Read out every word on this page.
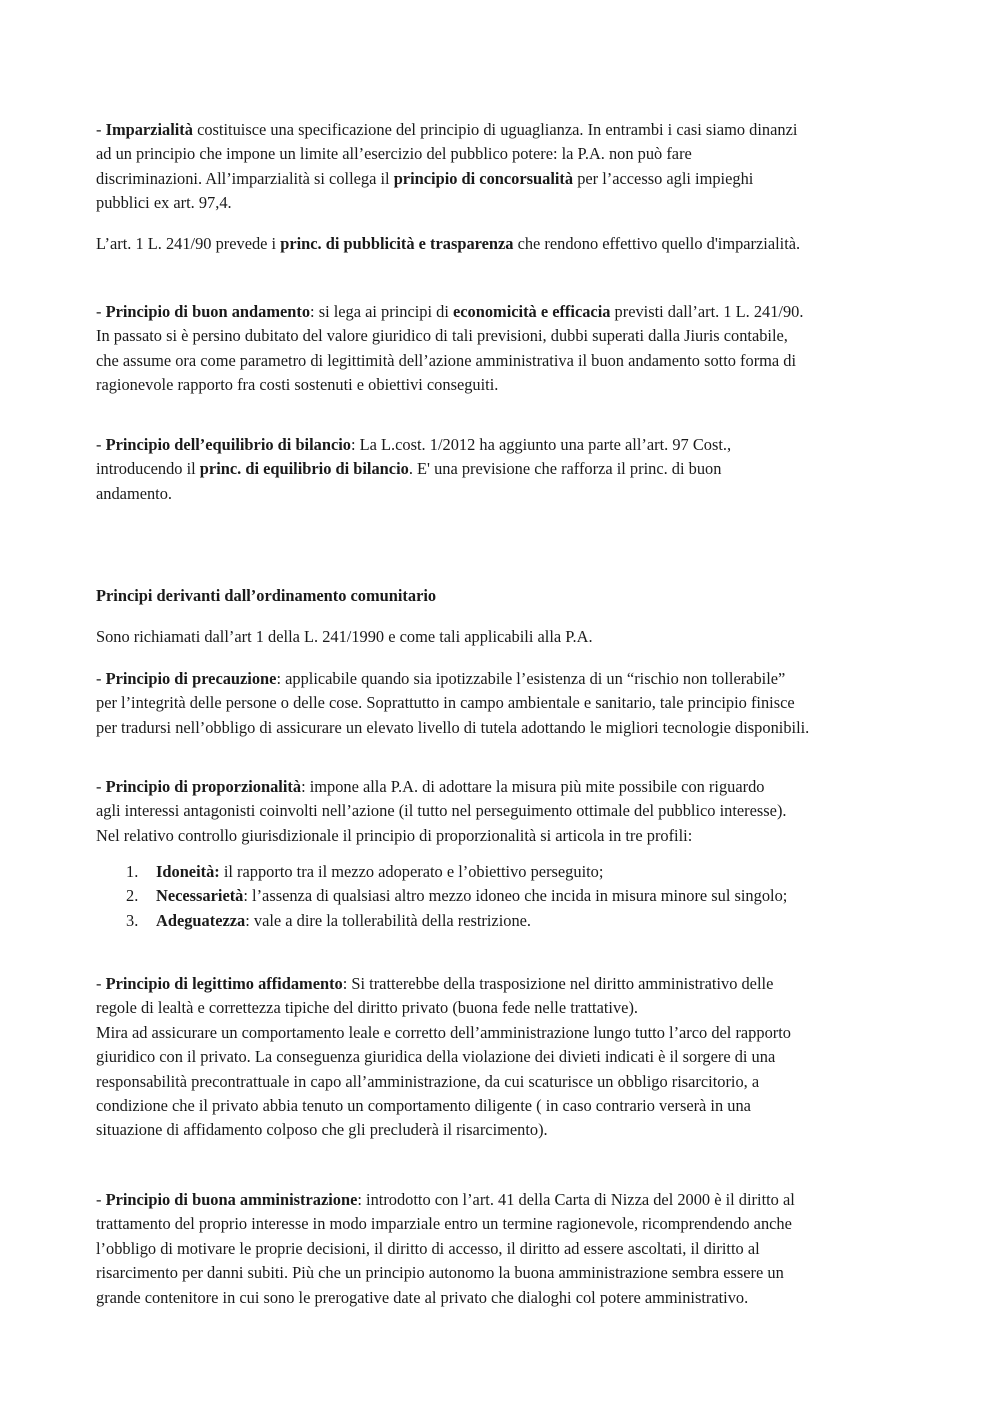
- Imparzialità costituisce una specificazione del principio di uguaglianza. In entrambi i casi siamo dinanzi

ad un principio che impone un limite all’esercizio del pubblico potere: la P.A. non può fare

discriminazioni. All’imparzialità si collega il principio di concorsualità per l’accesso agli impieghi

pubblici ex art. 97,4.

L’art. 1 L. 241/90 prevede i princ. di pubblicità e trasparenza che rendono effettivo quello d'imparzialità.

- Principio di buon andamento: si lega ai principi di economicità e efficacia previsti dall’art. 1 L. 241/90.

In passato si è persino dubitato del valore giuridico di tali previsioni, dubbi superati dalla Jiuris contabile,

che assume ora come parametro di legittimità dell’azione amministrativa il buon andamento sotto forma di

ragionevole rapporto fra costi sostenuti e obiettivi conseguiti.

- Principio dell’equilibrio di bilancio: La L.cost. 1/2012 ha aggiunto una parte all’art. 97 Cost.,

introducendo il princ. di equilibrio di bilancio. E' una previsione che rafforza il princ. di buon

andamento.

Principi derivanti dall’ordinamento comunitario

Sono richiamati dall’art 1 della L. 241/1990 e come tali applicabili alla P.A.

- Principio di precauzione: applicabile quando sia ipotizzabile l’esistenza di un “rischio non tollerabile”

per l’integrità delle persone o delle cose. Soprattutto in campo ambientale e sanitario, tale principio finisce

per tradursi nell’obbligo di assicurare un elevato livello di tutela adottando le migliori tecnologie disponibili.

- Principio di proporzionalità: impone alla P.A. di adottare la misura più mite possibile con riguardo

agli interessi antagonisti coinvolti nell’azione (il tutto nel perseguimento ottimale del pubblico interesse).

Nel relativo controllo giurisdizionale il principio di proporzionalità si articola in tre profili:

1. Idoneità: il rapporto tra il mezzo adoperato e l’obiettivo perseguito;
2. Necessarietà: l’assenza di qualsiasi altro mezzo idoneo che incida in misura minore sul singolo;
3. Adeguatezza: vale a dire la tollerabilità della restrizione.

- Principio di legittimo affidamento: Si tratterebbe della trasposizione nel diritto amministrativo delle

regole di lealtà e correttezza tipiche del diritto privato (buona fede nelle trattative).

Mira ad assicurare un comportamento leale e corretto dell’amministrazione lungo tutto l’arco del rapporto

giuridico con il privato. La conseguenza giuridica della violazione dei divieti indicati è il sorgere di una

responsabilità precontrattuale in capo all’amministrazione, da cui scaturisce un obbligo risarcitorio, a

condizione che il privato abbia tenuto un comportamento diligente ( in caso contrario verserà in una

situazione di affidamento colposo che gli precluderà il risarcimento).

- Principio di buona amministrazione: introdotto con l’art. 41 della Carta di Nizza del 2000 è il diritto al

trattamento del proprio interesse in modo imparziale entro un termine ragionevole, ricomprendendo anche

l’obbligo di motivare le proprie decisioni, il diritto di accesso, il diritto ad essere ascoltati, il diritto al

risarcimento per danni subiti. Più che un principio autonomo la buona amministrazione sembra essere un

grande contenitore in cui sono le prerogative date al privato che dialoghi col potere amministrativo.
